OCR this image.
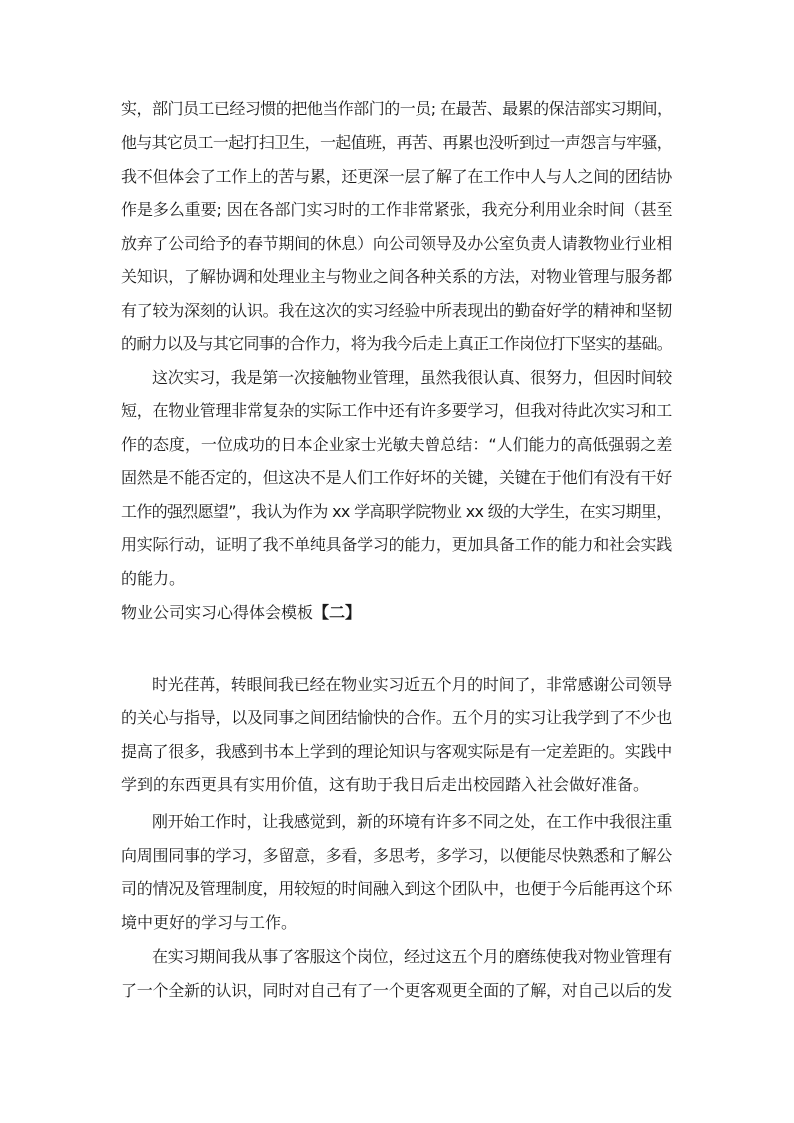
实，部门员工已经习惯的把他当作部门的一员; 在最苦、最累的保洁部实习期间，
他与其它员工一起打扫卫生，一起值班，再苦、再累也没听到过一声怨言与牢骚，
我不但体会了工作上的苦与累，还更深一层了解了在工作中人与人之间的团结协
作是多么重要; 因在各部门实习时的工作非常紧张，我充分利用业余时间（甚至
放弃了公司给予的春节期间的休息）向公司领导及办公室负责人请教物业行业相
关知识，了解协调和处理业主与物业之间各种关系的方法，对物业管理与服务都
有了较为深刻的认识。我在这次的实习经验中所表现出的勤奋好学的精神和坚韧
的耐力以及与其它同事的合作力，将为我今后走上真正工作岗位打下坚实的基础。
这次实习，我是第一次接触物业管理，虽然我很认真、很努力，但因时间较
短，在物业管理非常复杂的实际工作中还有许多要学习，但我对待此次实习和工
作的态度，一位成功的日本企业家士光敏夫曾总结：“人们能力的高低强弱之差
固然是不能否定的，但这决不是人们工作好坏的关键，关键在于他们有没有干好
工作的强烈愿望”，我认为作为 xx 学高职学院物业 xx 级的大学生，在实习期里，
用实际行动，证明了我不单纯具备学习的能力，更加具备工作的能力和社会实践
的能力。
物业公司实习心得体会模板【二】
时光荏苒，转眼间我已经在物业实习近五个月的时间了，非常感谢公司领导
的关心与指导，以及同事之间团结愉快的合作。五个月的实习让我学到了不少也
提高了很多，我感到书本上学到的理论知识与客观实际是有一定差距的。实践中
学到的东西更具有实用价值，这有助于我日后走出校园踏入社会做好准备。
刚开始工作时，让我感觉到，新的环境有许多不同之处，在工作中我很注重
向周围同事的学习，多留意，多看，多思考，多学习，以便能尽快熟悉和了解公
司的情况及管理制度，用较短的时间融入到这个团队中，也便于今后能再这个环
境中更好的学习与工作。
在实习期间我从事了客服这个岗位，经过这五个月的磨练使我对物业管理有
了一个全新的认识，同时对自己有了一个更客观更全面的了解，对自己以后的发
